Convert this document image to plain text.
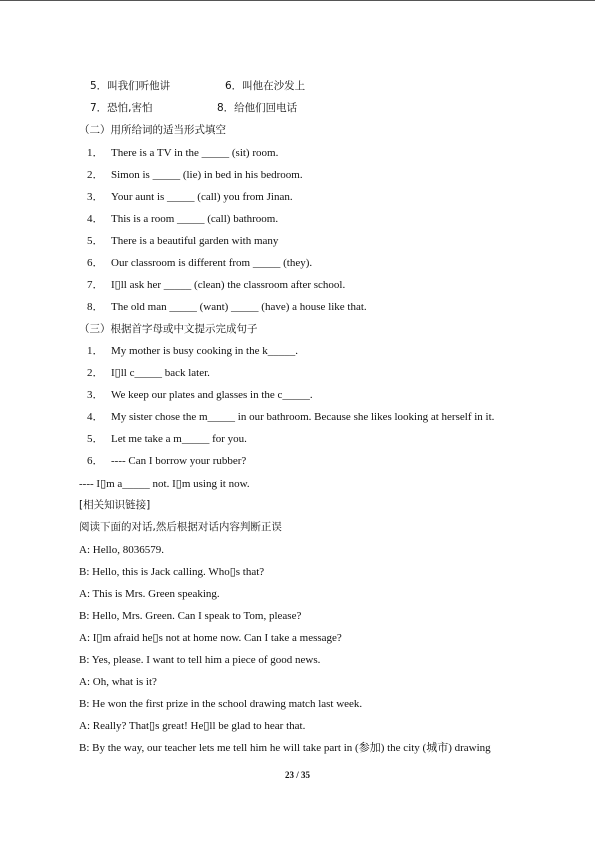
5．叫我们听他讲	6．叫他在沙发上
7．恐怕,害怕	8．给他们回电话
（二）用所给词的适当形式填空
1． There is a TV in the _____ (sit) room.
2． Simon is _____ (lie) in bed in his bedroom.
3． Your aunt is _____ (call) you from Jinan.
4． This is a room _____ (call) bathroom.
5． There is a beautiful garden with many
6． Our classroom is different from _____ (they).
7． I▯ll ask her _____ (clean) the classroom after school.
8． The old man _____ (want) _____ (have) a house like that.
（三）根据首字母或中文提示完成句子
1． My mother is busy cooking in the k_____.
2． I▯ll c_____ back later.
3． We keep our plates and glasses in the c_____.
4． My sister chose the m_____ in our bathroom. Because she likes looking at herself in it.
5． Let me take a m_____ for you.
6． ---- Can I borrow your rubber?
---- I▯m a_____ not. I▯m using it now.
[相关知识链接]
阅读下面的对话,然后根据对话内容判断正误
A: Hello, 8036579.
B: Hello, this is Jack calling. Who▯s that?
A: This is Mrs. Green speaking.
B: Hello, Mrs. Green. Can I speak to Tom, please?
A: I▯m afraid he▯s not at home now. Can I take a message?
B: Yes, please. I want to tell him a piece of good news.
A: Oh, what is it?
B: He won the first prize in the school drawing match last week.
A: Really? That▯s great! He▯ll be glad to hear that.
B: By the way, our teacher lets me tell him he will take part in (参加) the city (城市) drawing
23 / 35
